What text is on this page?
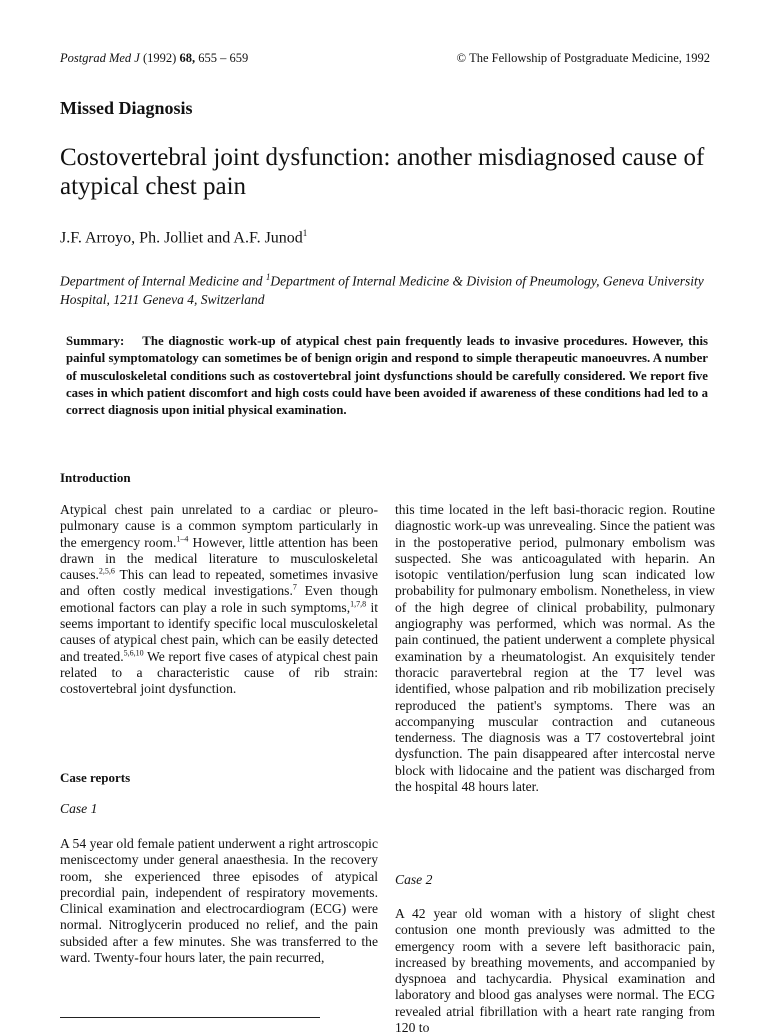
Postgrad Med J (1992) 68, 655 – 659	© The Fellowship of Postgraduate Medicine, 1992
Missed Diagnosis
Costovertebral joint dysfunction: another misdiagnosed cause of atypical chest pain
J.F. Arroyo, Ph. Jolliet and A.F. Junod$^1$
Department of Internal Medicine and $^1$Department of Internal Medicine & Division of Pneumology, Geneva University Hospital, 1211 Geneva 4, Switzerland
Summary: The diagnostic work-up of atypical chest pain frequently leads to invasive procedures. However, this painful symptomatology can sometimes be of benign origin and respond to simple therapeutic manoeuvres. A number of musculoskeletal conditions such as costovertebral joint dysfunctions should be carefully considered. We report five cases in which patient discomfort and high costs could have been avoided if awareness of these conditions had led to a correct diagnosis upon initial physical examination.
Introduction
Atypical chest pain unrelated to a cardiac or pleuro-pulmonary cause is a common symptom particularly in the emergency room.$^{1-4}$ However, little attention has been drawn in the medical literature to musculoskeletal causes.$^{2,5,6}$ This can lead to repeated, sometimes invasive and often costly medical investigations.$^7$ Even though emotional factors can play a role in such symptoms,$^{1,7,8}$ it seems important to identify specific local musculoskeletal causes of atypical chest pain, which can be easily detected and treated.$^{5,6,10}$ We report five cases of atypical chest pain related to a characteristic cause of rib strain: costovertebral joint dysfunction.
Case reports
Case 1
A 54 year old female patient underwent a right artroscopic meniscectomy under general anaesthesia. In the recovery room, she experienced three episodes of atypical precordial pain, independent of respiratory movements. Clinical examination and electrocardiogram (ECG) were normal. Nitroglycerin produced no relief, and the pain subsided after a few minutes. She was transferred to the ward. Twenty-four hours later, the pain recurred,
this time located in the left basi-thoracic region. Routine diagnostic work-up was unrevealing. Since the patient was in the postoperative period, pulmonary embolism was suspected. She was anticoagulated with heparin. An isotopic ventilation/perfusion lung scan indicated low probability for pulmonary embolism. Nonetheless, in view of the high degree of clinical probability, pulmonary angiography was performed, which was normal. As the pain continued, the patient underwent a complete physical examination by a rheumatologist. An exquisitely tender thoracic paravertebral region at the T7 level was identified, whose palpation and rib mobilization precisely reproduced the patient's symptoms. There was an accompanying muscular contraction and cutaneous tenderness. The diagnosis was a T7 costovertebral joint dysfunction. The pain disappeared after intercostal nerve block with lidocaine and the patient was discharged from the hospital 48 hours later.
Case 2
A 42 year old woman with a history of slight chest contusion one month previously was admitted to the emergency room with a severe left basithoracic pain, increased by breathing movements, and accompanied by dyspnoea and tachycardia. Physical examination and laboratory and blood gas analyses were normal. The ECG revealed atrial fibrillation with a heart rate ranging from 120 to
